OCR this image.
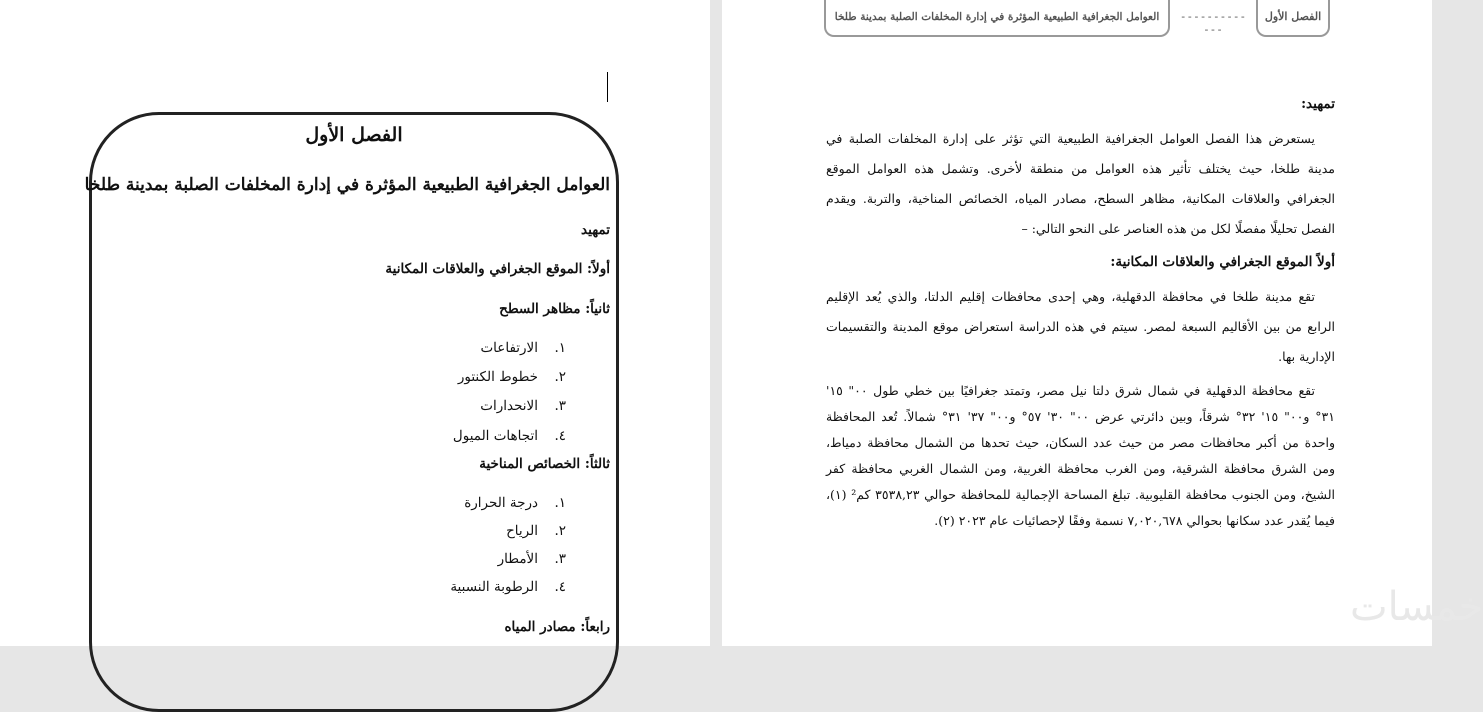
الفصل الأول
العوامل الجغرافية الطبيعية المؤثرة في إدارة المخلفات الصلبة بمدينة طلخا
تمهيد
أولاً: الموقع الجغرافي والعلاقات المكانية
ثانياً: مظاهر السطح
١.الارتفاعات
٢.خطوط الكنتور
٣.الانحدارات
٤.اتجاهات الميول
ثالثاً: الخصائص المناخية
١.درجة الحرارة
٢.الرياح
٣.الأمطار
٤.الرطوبة النسبية
رابعاً: مصادر المياه
الفصل الأول
-------------
العوامل الجغرافية الطبيعية المؤثرة في إدارة المخلفات الصلبة بمدينة طلخا
تمهيد:

يستعرض هذا الفصل العوامل الجغرافية الطبيعية التي تؤثر على إدارة المخلفات الصلبة في مدينة طلخا، حيث يختلف تأثير هذه العوامل من منطقة لأخرى. وتشمل هذه العوامل الموقع الجغرافي والعلاقات المكانية، مظاهر السطح، مصادر المياه، الخصائص المناخية، والتربة. ويقدم الفصل تحليلًا مفصلًا لكل من هذه العناصر على النحو التالي: –

أولاً الموقع الجغرافي والعلاقات المكانية:

تقع مدينة طلخا في محافظة الدقهلية، وهي إحدى محافظات إقليم الدلتا، والذي يُعد الإقليم الرابع من بين الأقاليم السبعة لمصر. سيتم في هذه الدراسة استعراض موقع المدينة والتقسيمات الإدارية بها.

تقع محافظة الدقهلية في شمال شرق دلتا نيل مصر، وتمتد جغرافيًا بين خطي طول ٠٠" ١٥' ٣١° و٠٠" ١٥' ٣٢° شرقاً، وبين دائرتي عرض ٠٠" ٣٠' ٥٧° و٠٠" ٣٧' ٣١° شمالاً. تُعد المحافظة واحدة من أكبر محافظات مصر من حيث عدد السكان، حيث تحدها من الشمال محافظة دمياط، ومن الشرق محافظة الشرقية، ومن الغرب محافظة الغربية، ومن الشمال الغربي محافظة كفر الشيخ، ومن الجنوب محافظة القليوبية. تبلغ المساحة الإجمالية للمحافظة حوالي ٣٥٣٨,٢٣ كم² (١)، فيما يُقدر عدد سكانها بحوالي ٧,٠٢٠,٦٧٨ نسمة وفقًا لإحصائيات عام ٢٠٢٣ (٢).

خمسات
